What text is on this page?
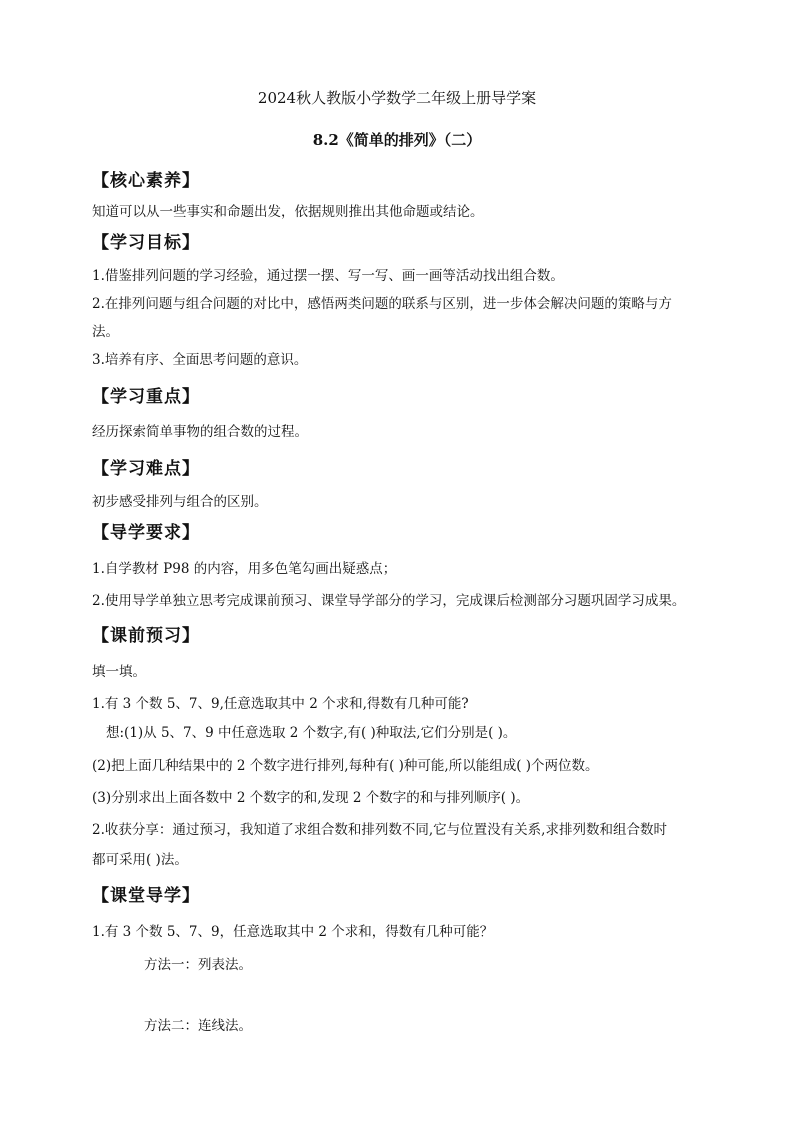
2024秋人教版小学数学二年级上册导学案
8.2《简单的排列》（二）
【核心素养】
知道可以从一些事实和命题出发，依据规则推出其他命题或结论。
【学习目标】
1.借鉴排列问题的学习经验，通过摆一摆、写一写、画一画等活动找出组合数。
2.在排列问题与组合问题的对比中，感悟两类问题的联系与区别，进一步体会解决问题的策略与方
法。
3.培养有序、全面思考问题的意识。
【学习重点】
经历探索简单事物的组合数的过程。
【学习难点】
初步感受排列与组合的区别。
【导学要求】
1.自学教材 P98 的内容，用多色笔勾画出疑惑点；
2.使用导学单独立思考完成课前预习、课堂导学部分的学习，完成课后检测部分习题巩固学习成果。
【课前预习】
填一填。
1.有 3 个数 5、7、9,任意选取其中 2 个求和,得数有几种可能?
想:(1)从 5、7、9 中任意选取 2 个数字,有( )种取法,它们分别是( )。
(2)把上面几种结果中的 2 个数字进行排列,每种有( )种可能,所以能组成( )个两位数。
(3)分别求出上面各数中 2 个数字的和,发现 2 个数字的和与排列顺序( )。
2.收获分享：通过预习，我知道了求组合数和排列数不同,它与位置没有关系,求排列数和组合数时
都可采用( )法。
【课堂导学】
1.有 3 个数 5、7、9，任意选取其中 2 个求和，得数有几种可能？
方法一：列表法。
方法二：连线法。
